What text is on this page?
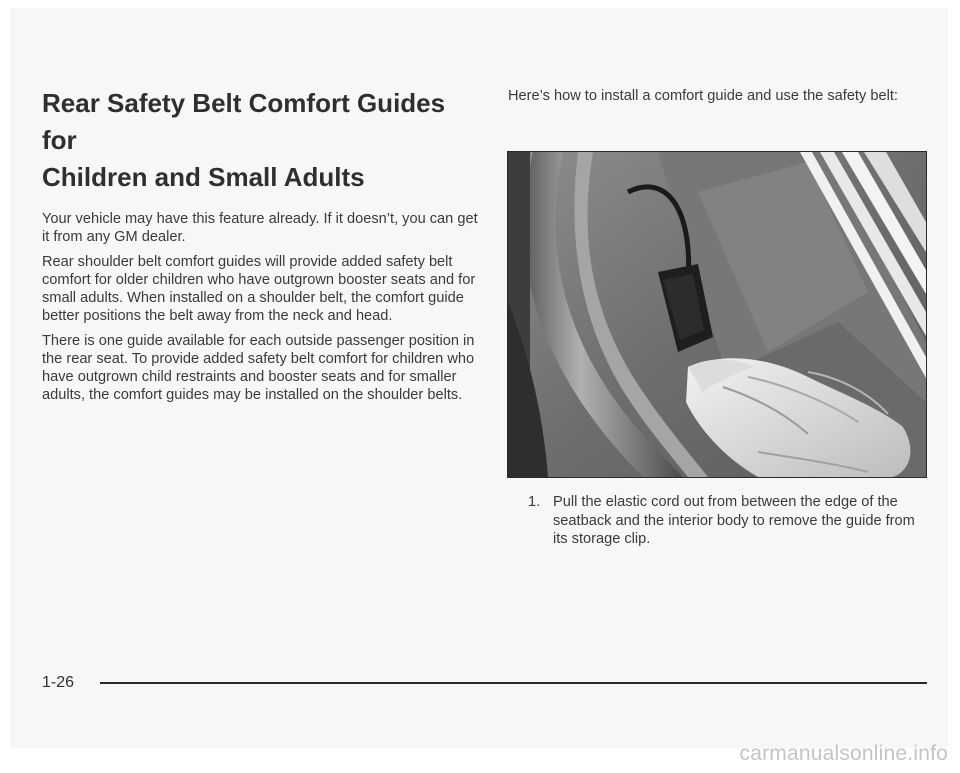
Rear Safety Belt Comfort Guides for
Children and Small Adults

Your vehicle may have this feature already. If it doesn’t, you can get it from any GM dealer.

Rear shoulder belt comfort guides will provide added safety belt comfort for older children who have outgrown booster seats and for small adults. When installed on a shoulder belt, the comfort guide better positions the belt away from the neck and head.

There is one guide available for each outside passenger position in the rear seat. To provide added safety belt comfort for children who have outgrown child restraints and booster seats and for smaller adults, the comfort guides may be installed on the shoulder belts.

Here’s how to install a comfort guide and use the safety belt:

1. Pull the elastic cord out from between the edge of the seatback and the interior body to remove the guide from its storage clip.
1-26
carmanualsonline.info
